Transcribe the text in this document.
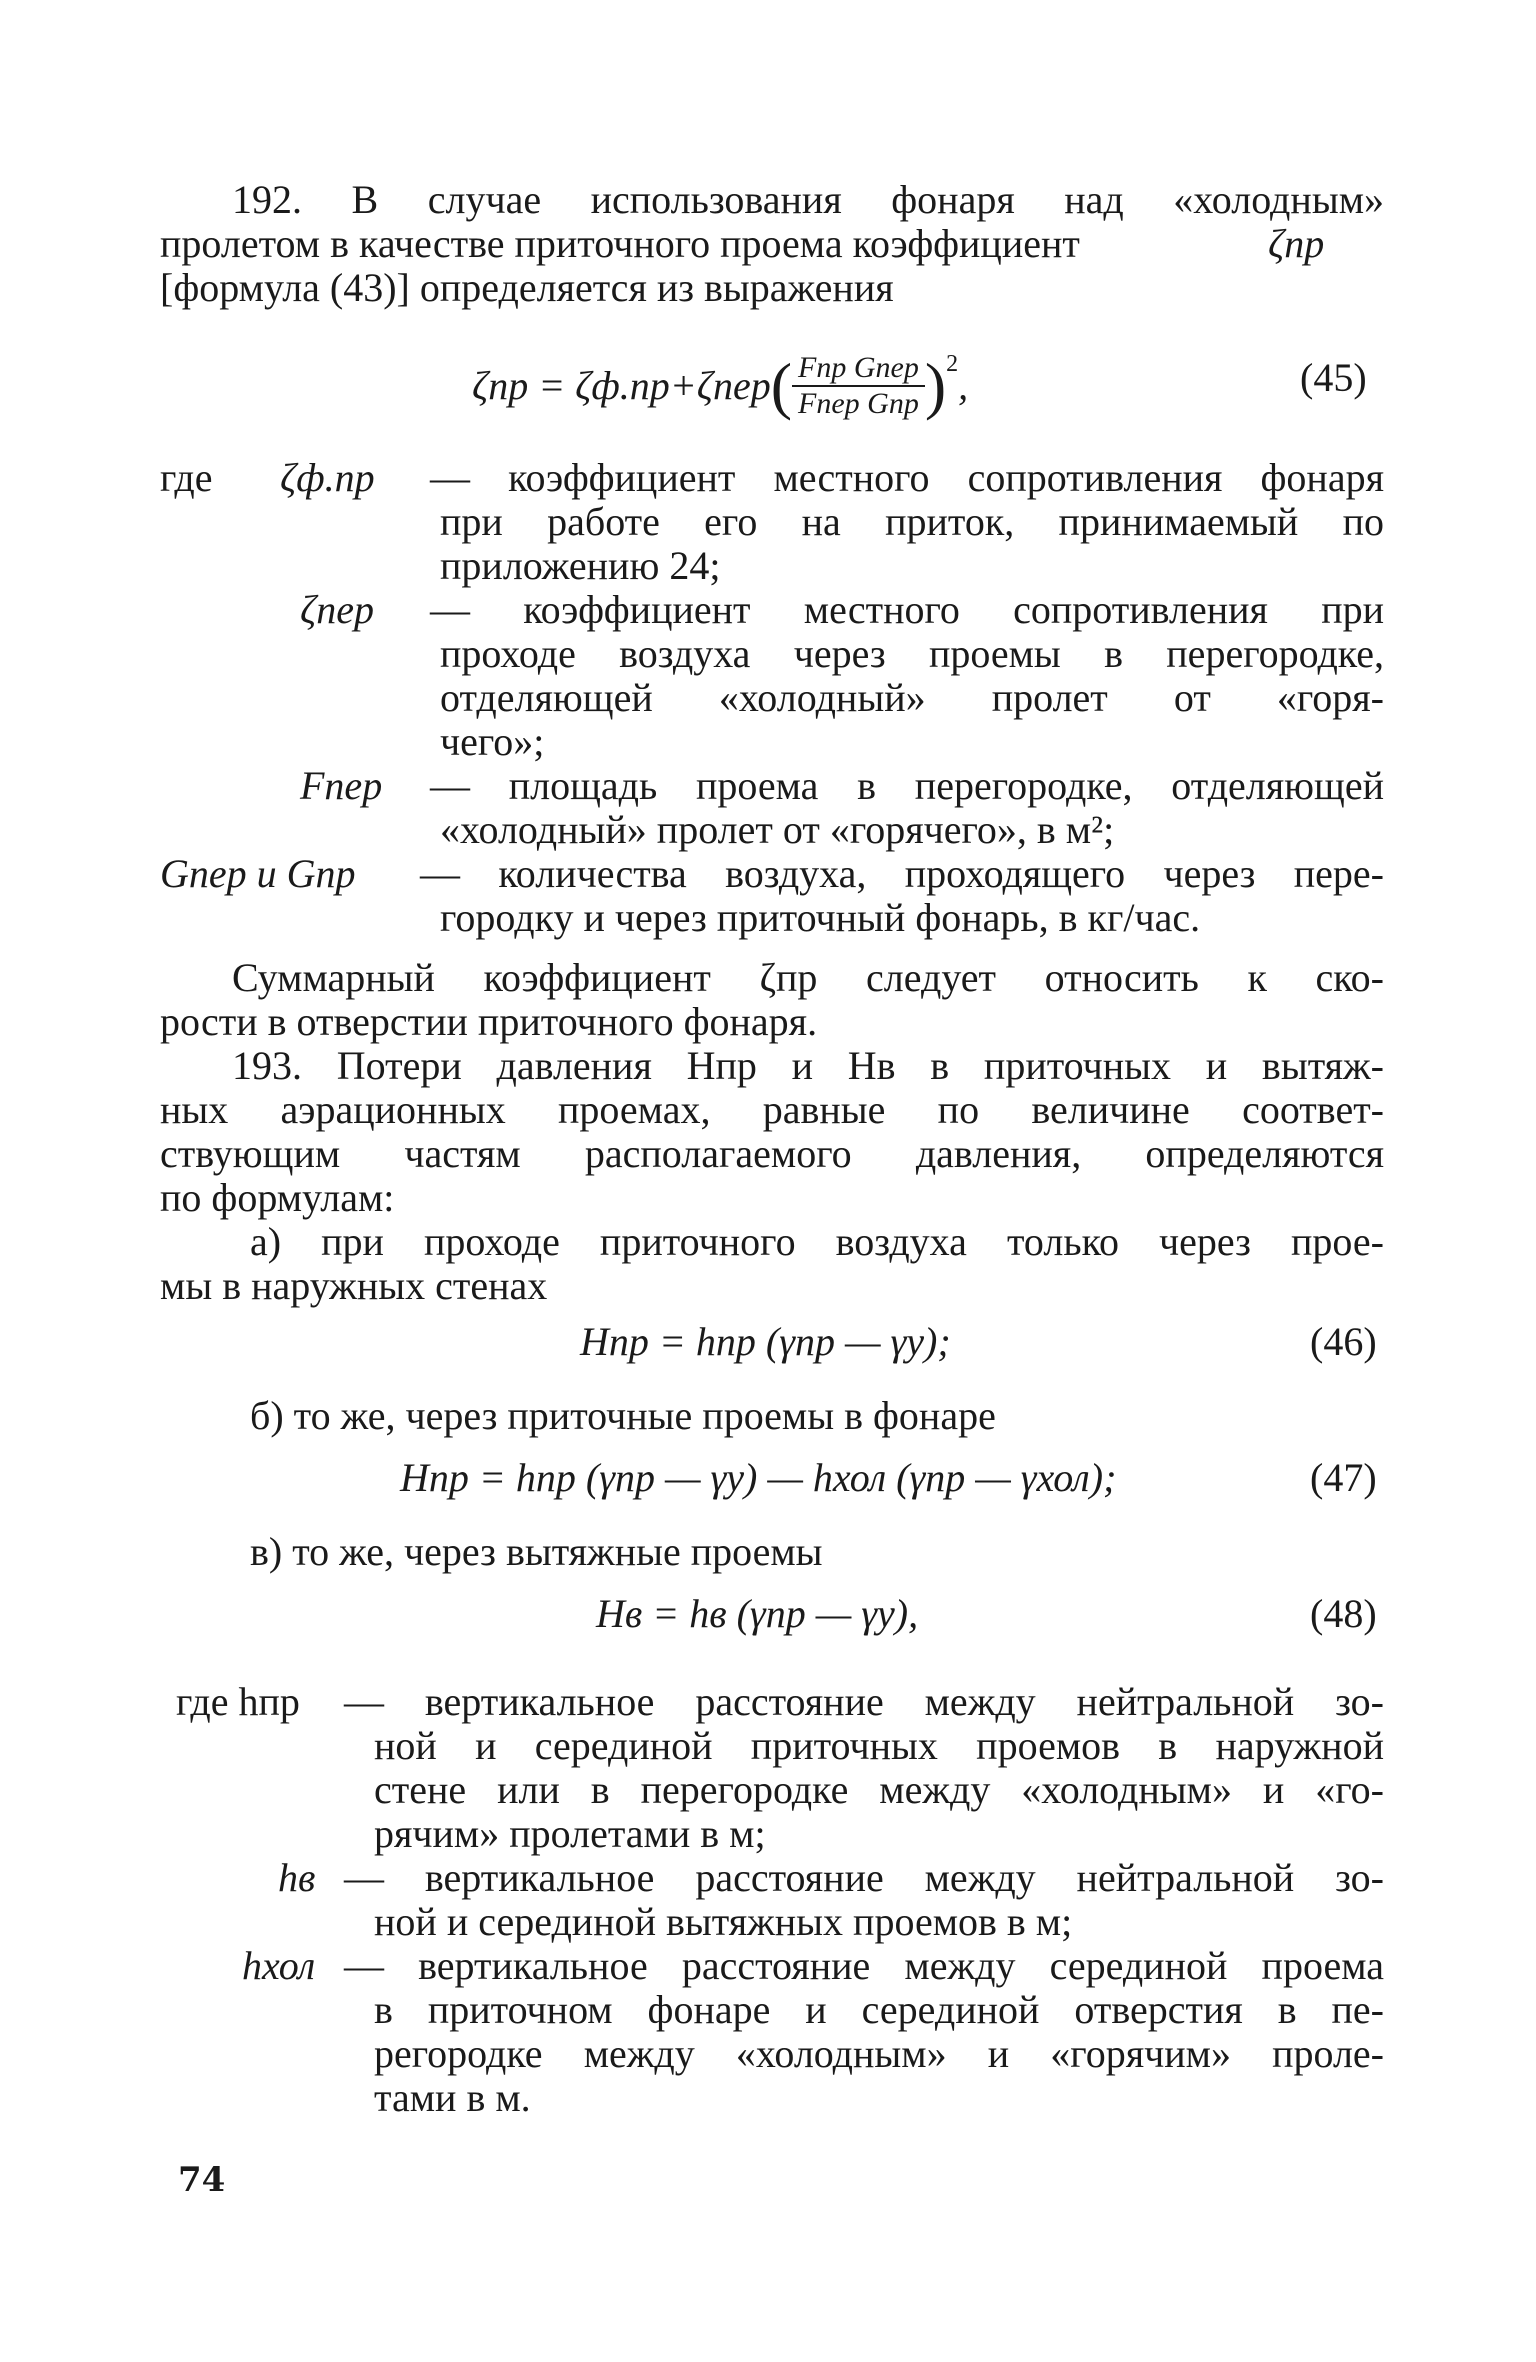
192. В случае использования фонаря над «холодным»
пролетом в качестве приточного проема коэффициент	ζпр
[формула (43)] определяется из выражения
ζпр = ζф.пр+ζпер ( $\frac{\text{Fпр Gпер}}{\text{Fпер Gпр}} )^2$ ,	(45)
где ζф.пр	— коэффициент местного сопротивления фонаря
при работе его на приток, принимаемый по
приложению 24;
ζпер	— коэффициент местного сопротивления при
проходе воздуха через проемы в перегородке,
отделяющей «холодный» пролет от «горя-
чего»;
Fпер	— площадь проема в перегородке, отделяющей
«холодный» пролет от «горячего», в м²;
Gпер и Gпр	— количества воздуха, проходящего через пере-
городку и через приточный фонарь, в кг/час.
Суммарный коэффициент ζпр следует относить к ско-
рости в отверстии приточного фонаря.
193. Потери давления Hпр и Hв в приточных и вытяж-
ных аэрационных проемах, равные по величине соответ-
ствующим частям располагаемого давления, определяются
по формулам:
а) при проходе приточного воздуха только через прое-
мы в наружных стенах
Hпр = hпр (γпр — γу);	(46)
б) то же, через приточные проемы в фонаре
Hпр = hпр (γпр — γу) — hхол (γпр — γхол);	(47)
в) то же, через вытяжные проемы
Hв = hв (γпр — γу),	(48)
где hпр	— вертикальное расстояние между нейтральной зо-
ной и серединой приточных проемов в наружной
стене или в перегородке между «холодным» и «го-
рячим» пролетами в м;
hв — вертикальное расстояние между нейтральной зо-
ной и серединой вытяжных проемов в м;
hхол — вертикальное расстояние между серединой проема
в приточном фонаре и серединой отверстия в пе-
регородке между «холодным» и «горячим» проле-
тами в м.
74
